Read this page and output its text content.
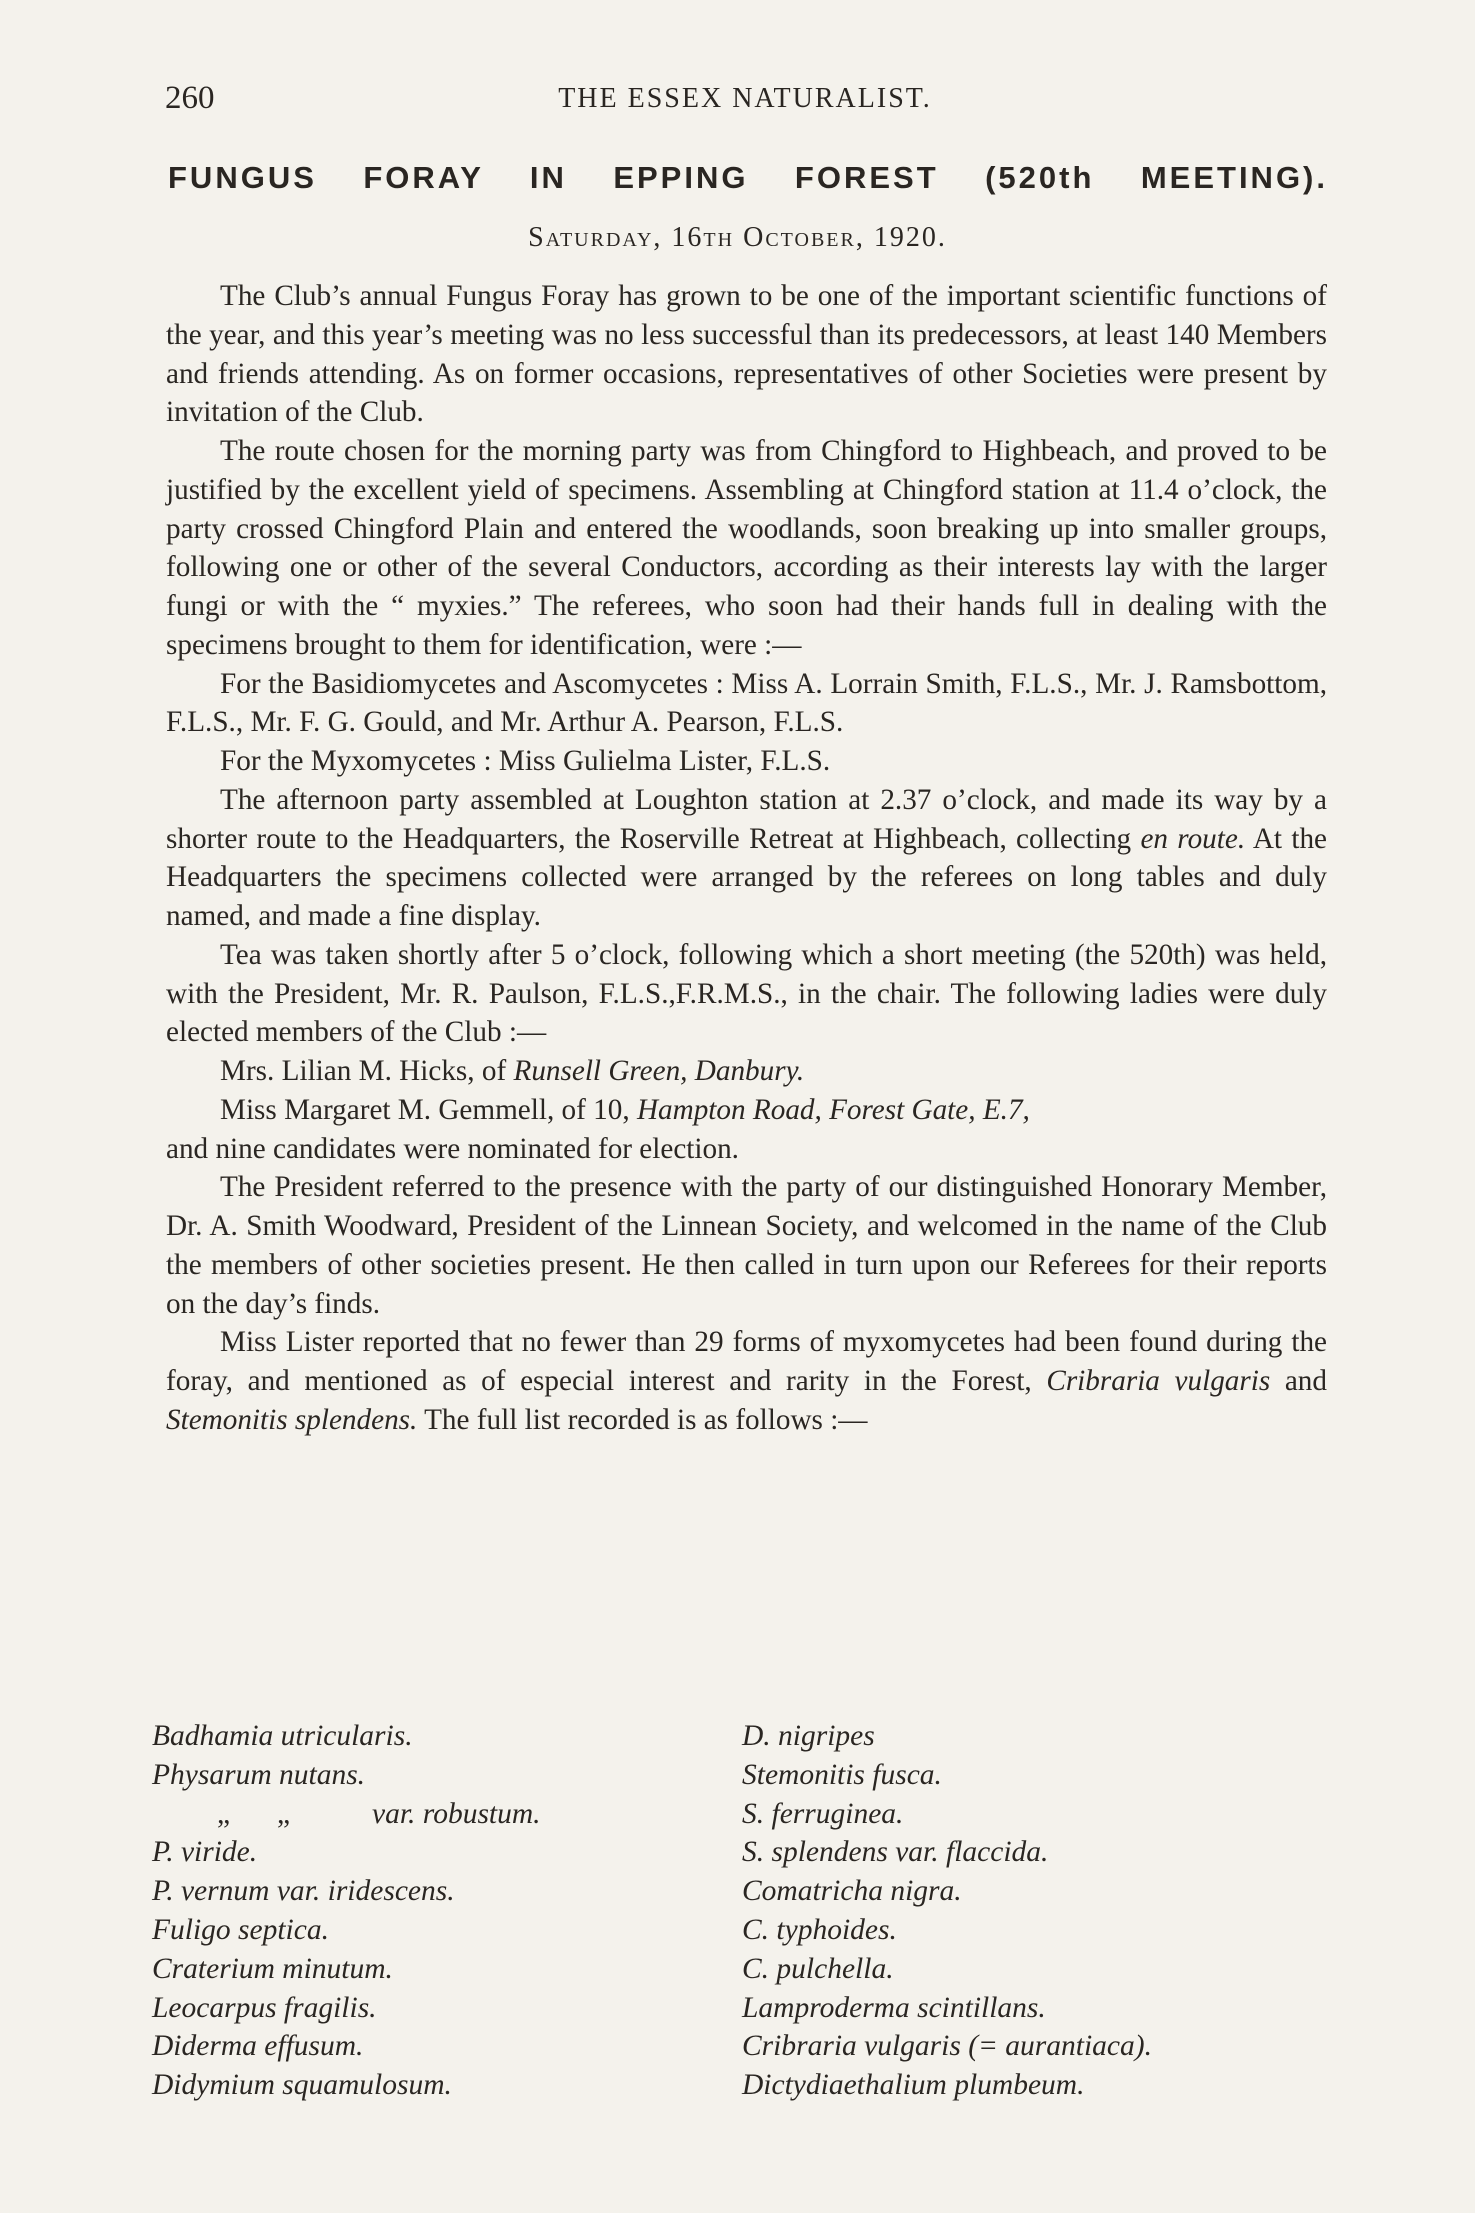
260	THE ESSEX NATURALIST.
FUNGUS FORAY IN EPPING FOREST (520th MEETING).
Saturday, 16th October, 1920.

The Club’s annual Fungus Foray has grown to be one of the important scientific functions of the year, and this year’s meeting was no less successful than its predecessors, at least 140 Members and friends attending. As on former occasions, representatives of other Societies were present by invitation of the Club.

The route chosen for the morning party was from Chingford to Highbeach, and proved to be justified by the excellent yield of specimens. Assembling at Chingford station at 11.4 o’clock, the party crossed Chingford Plain and entered the woodlands, soon breaking up into smaller groups, following one or other of the several Conductors, according as their interests lay with the larger fungi or with the “ myxies.” The referees, who soon had their hands full in dealing with the specimens brought to them for identification, were :—

For the Basidiomycetes and Ascomycetes : Miss A. Lorrain Smith, F.L.S., Mr. J. Ramsbottom, F.L.S., Mr. F. G. Gould, and Mr. Arthur A. Pearson, F.L.S.

For the Myxomycetes : Miss Gulielma Lister, F.L.S.

The afternoon party assembled at Loughton station at 2.37 o’clock, and made its way by a shorter route to the Headquarters, the Roserville Retreat at Highbeach, collecting en route. At the Headquarters the specimens collected were arranged by the referees on long tables and duly named, and made a fine display.

Tea was taken shortly after 5 o’clock, following which a short meeting (the 520th) was held, with the President, Mr. R. Paulson, F.L.S.,F.R.M.S., in the chair. The following ladies were duly elected members of the Club :—

Mrs. Lilian M. Hicks, of Runsell Green, Danbury.

Miss Margaret M. Gemmell, of 10, Hampton Road, Forest Gate, E.7,

and nine candidates were nominated for election.

The President referred to the presence with the party of our distinguished Honorary Member, Dr. A. Smith Woodward, President of the Linnean Society, and welcomed in the name of the Club the members of other societies present. He then called in turn upon our Referees for their reports on the day’s finds.

Miss Lister reported that no fewer than 29 forms of myxomycetes had been found during the foray, and mentioned as of especial interest and rarity in the Forest, Cribraria vulgaris and Stemonitis splendens. The full list recorded is as follows :—

Badhamia utricularis.
Physarum nutans.
„ „	var. robustum.
P. viride.
P. vernum var. iridescens.
Fuligo septica.
Craterium minutum.
Leocarpus fragilis.
Diderma effusum.
Didymium squamulosum.
D. nigripes
Stemonitis fusca.
S. ferruginea.
S. splendens var. flaccida.
Comatricha nigra.
C. typhoides.
C. pulchella.
Lamproderma scintillans.
Cribraria vulgaris (= aurantiaca).
Dictydiaethalium plumbeum.
